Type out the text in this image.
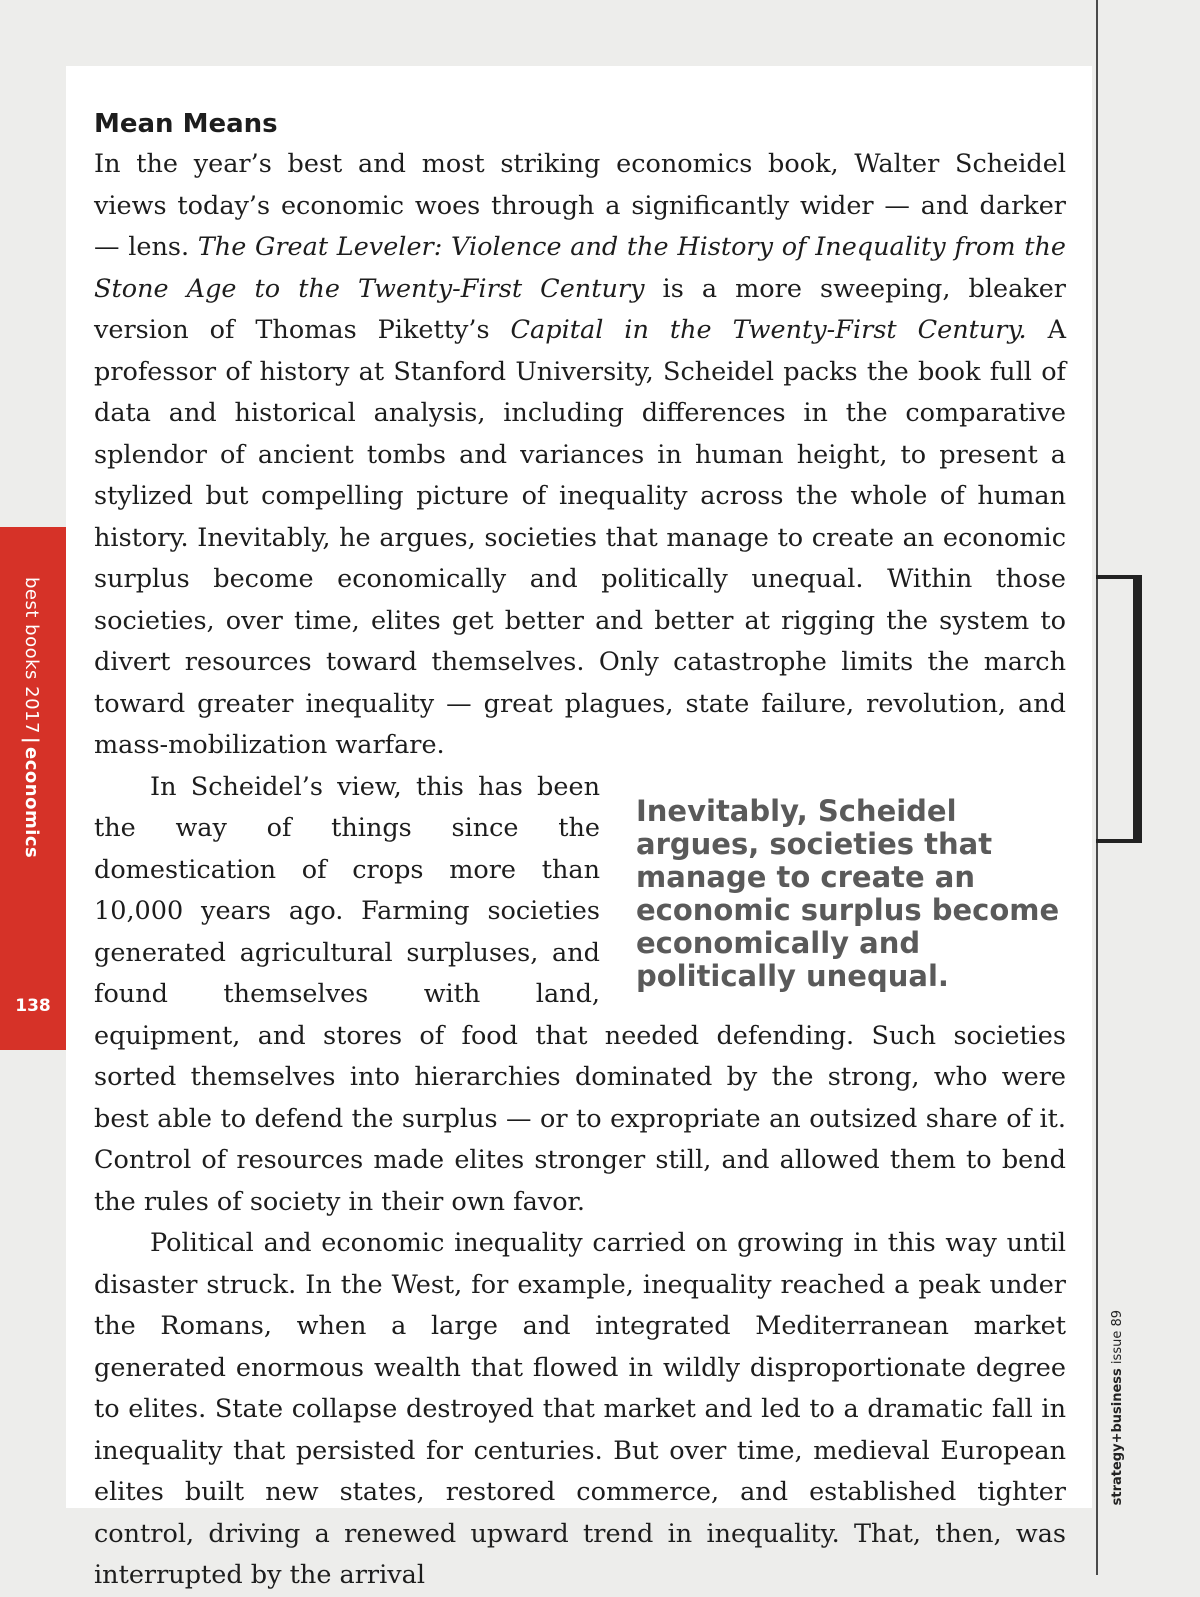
best books 2017|economics
138
strategy+business issue 89
Mean Means

In the year’s best and most striking economics book, Walter Scheidel views today’s economic woes through a significantly wider — and darker — lens. The Great Leveler: Violence and the History of Inequality from the Stone Age to the Twenty-First Century is a more sweeping, bleaker version of Thomas Piketty’s Capital in the Twenty-First Century. A professor of history at Stanford University, Scheidel packs the book full of data and historical analysis, including differences in the comparative splendor of ancient tombs and variances in human height, to present a stylized but compelling picture of inequality across the whole of human history. Inevitably, he argues, societies that manage to create an economic surplus become economically and politically unequal. Within those societies, over time, elites get better and better at rigging the system to divert resources toward themselves. Only catastrophe limits the march toward greater inequality — great plagues, state failure, revolution, and mass-mobilization warfare.

Inevitably, Scheidel argues, societies that manage to create an economic surplus become economically and politically unequal.

In Scheidel’s view, this has been the way of things since the domestication of crops more than 10,000 years ago. Farming societies generated agricultural surpluses, and found themselves with land, equipment, and stores of food that needed defending. Such societies sorted themselves into hierarchies dominated by the strong, who were best able to defend the surplus — or to expropriate an outsized share of it. Control of resources made elites stronger still, and allowed them to bend the rules of society in their own favor.

Political and economic inequality carried on growing in this way until disaster struck. In the West, for example, inequality reached a peak under the Romans, when a large and integrated Mediterranean market generated enormous wealth that flowed in wildly disproportionate degree to elites. State collapse destroyed that market and led to a dramatic fall in inequality that persisted for centuries. But over time, medieval European elites built new states, restored commerce, and established tighter control, driving a renewed upward trend in inequality. That, then, was interrupted by the arrival
